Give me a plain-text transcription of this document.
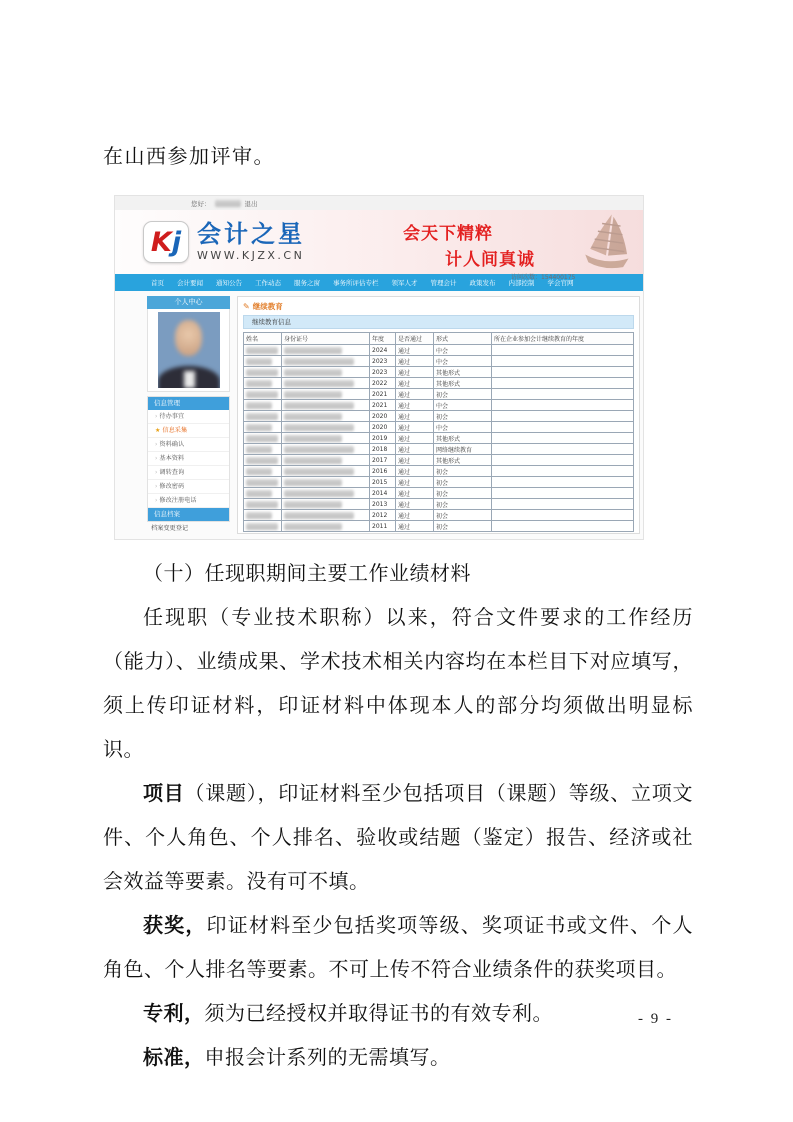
在山西参加评审。

您好：	退出
K j 会计之星
WWW.KJZX.CN
会天下精粹
计人间真诚
访问次数：154400175
首页 会计要闻 通知公告 工作动态 服务之窗 事务所评估专栏 领军人才 管理会计 政策发布 内部控制 学会官网
个人中心
信息管理
› 待办事宜
★ 信息采集
› 资料确认
› 基本资料
› 调转查询
› 修改密码
› 修改注册电话
信息档案
档案变更登记
✎ 继续教育
继续教育信息
姓名	身份证号	年度	是否通过	形式	所在企业参加会计继续教育的年度

	2024	通过	中会	

	2023	通过	中会	

	2023	通过	其他形式	

	2022	通过	其他形式	

	2021	通过	初会	

	2021	通过	中会	

	2020	通过	初会	

	2020	通过	中会	

	2019	通过	其他形式	

	2018	通过	网络继续教育	

	2017	通过	其他形式	

	2016	通过	初会	

	2015	通过	初会	

	2014	通过	初会	

	2013	通过	初会	

	2012	通过	初会	

	2011	通过	初会	

（十）任现职期间主要工作业绩材料

任现职（专业技术职称）以来，符合文件要求的工作经历（能力）、业绩成果、学术技术相关内容均在本栏目下对应填写，须上传印证材料，印证材料中体现本人的部分均须做出明显标识。

项目（课题），印证材料至少包括项目（课题）等级、立项文件、个人角色、个人排名、验收或结题（鉴定）报告、经济或社会效益等要素。没有可不填。

获奖，印证材料至少包括奖项等级、奖项证书或文件、个人角色、个人排名等要素。不可上传不符合业绩条件的获奖项目。

专利，须为已经授权并取得证书的有效专利。

标准，申报会计系列的无需填写。

- 9 -
